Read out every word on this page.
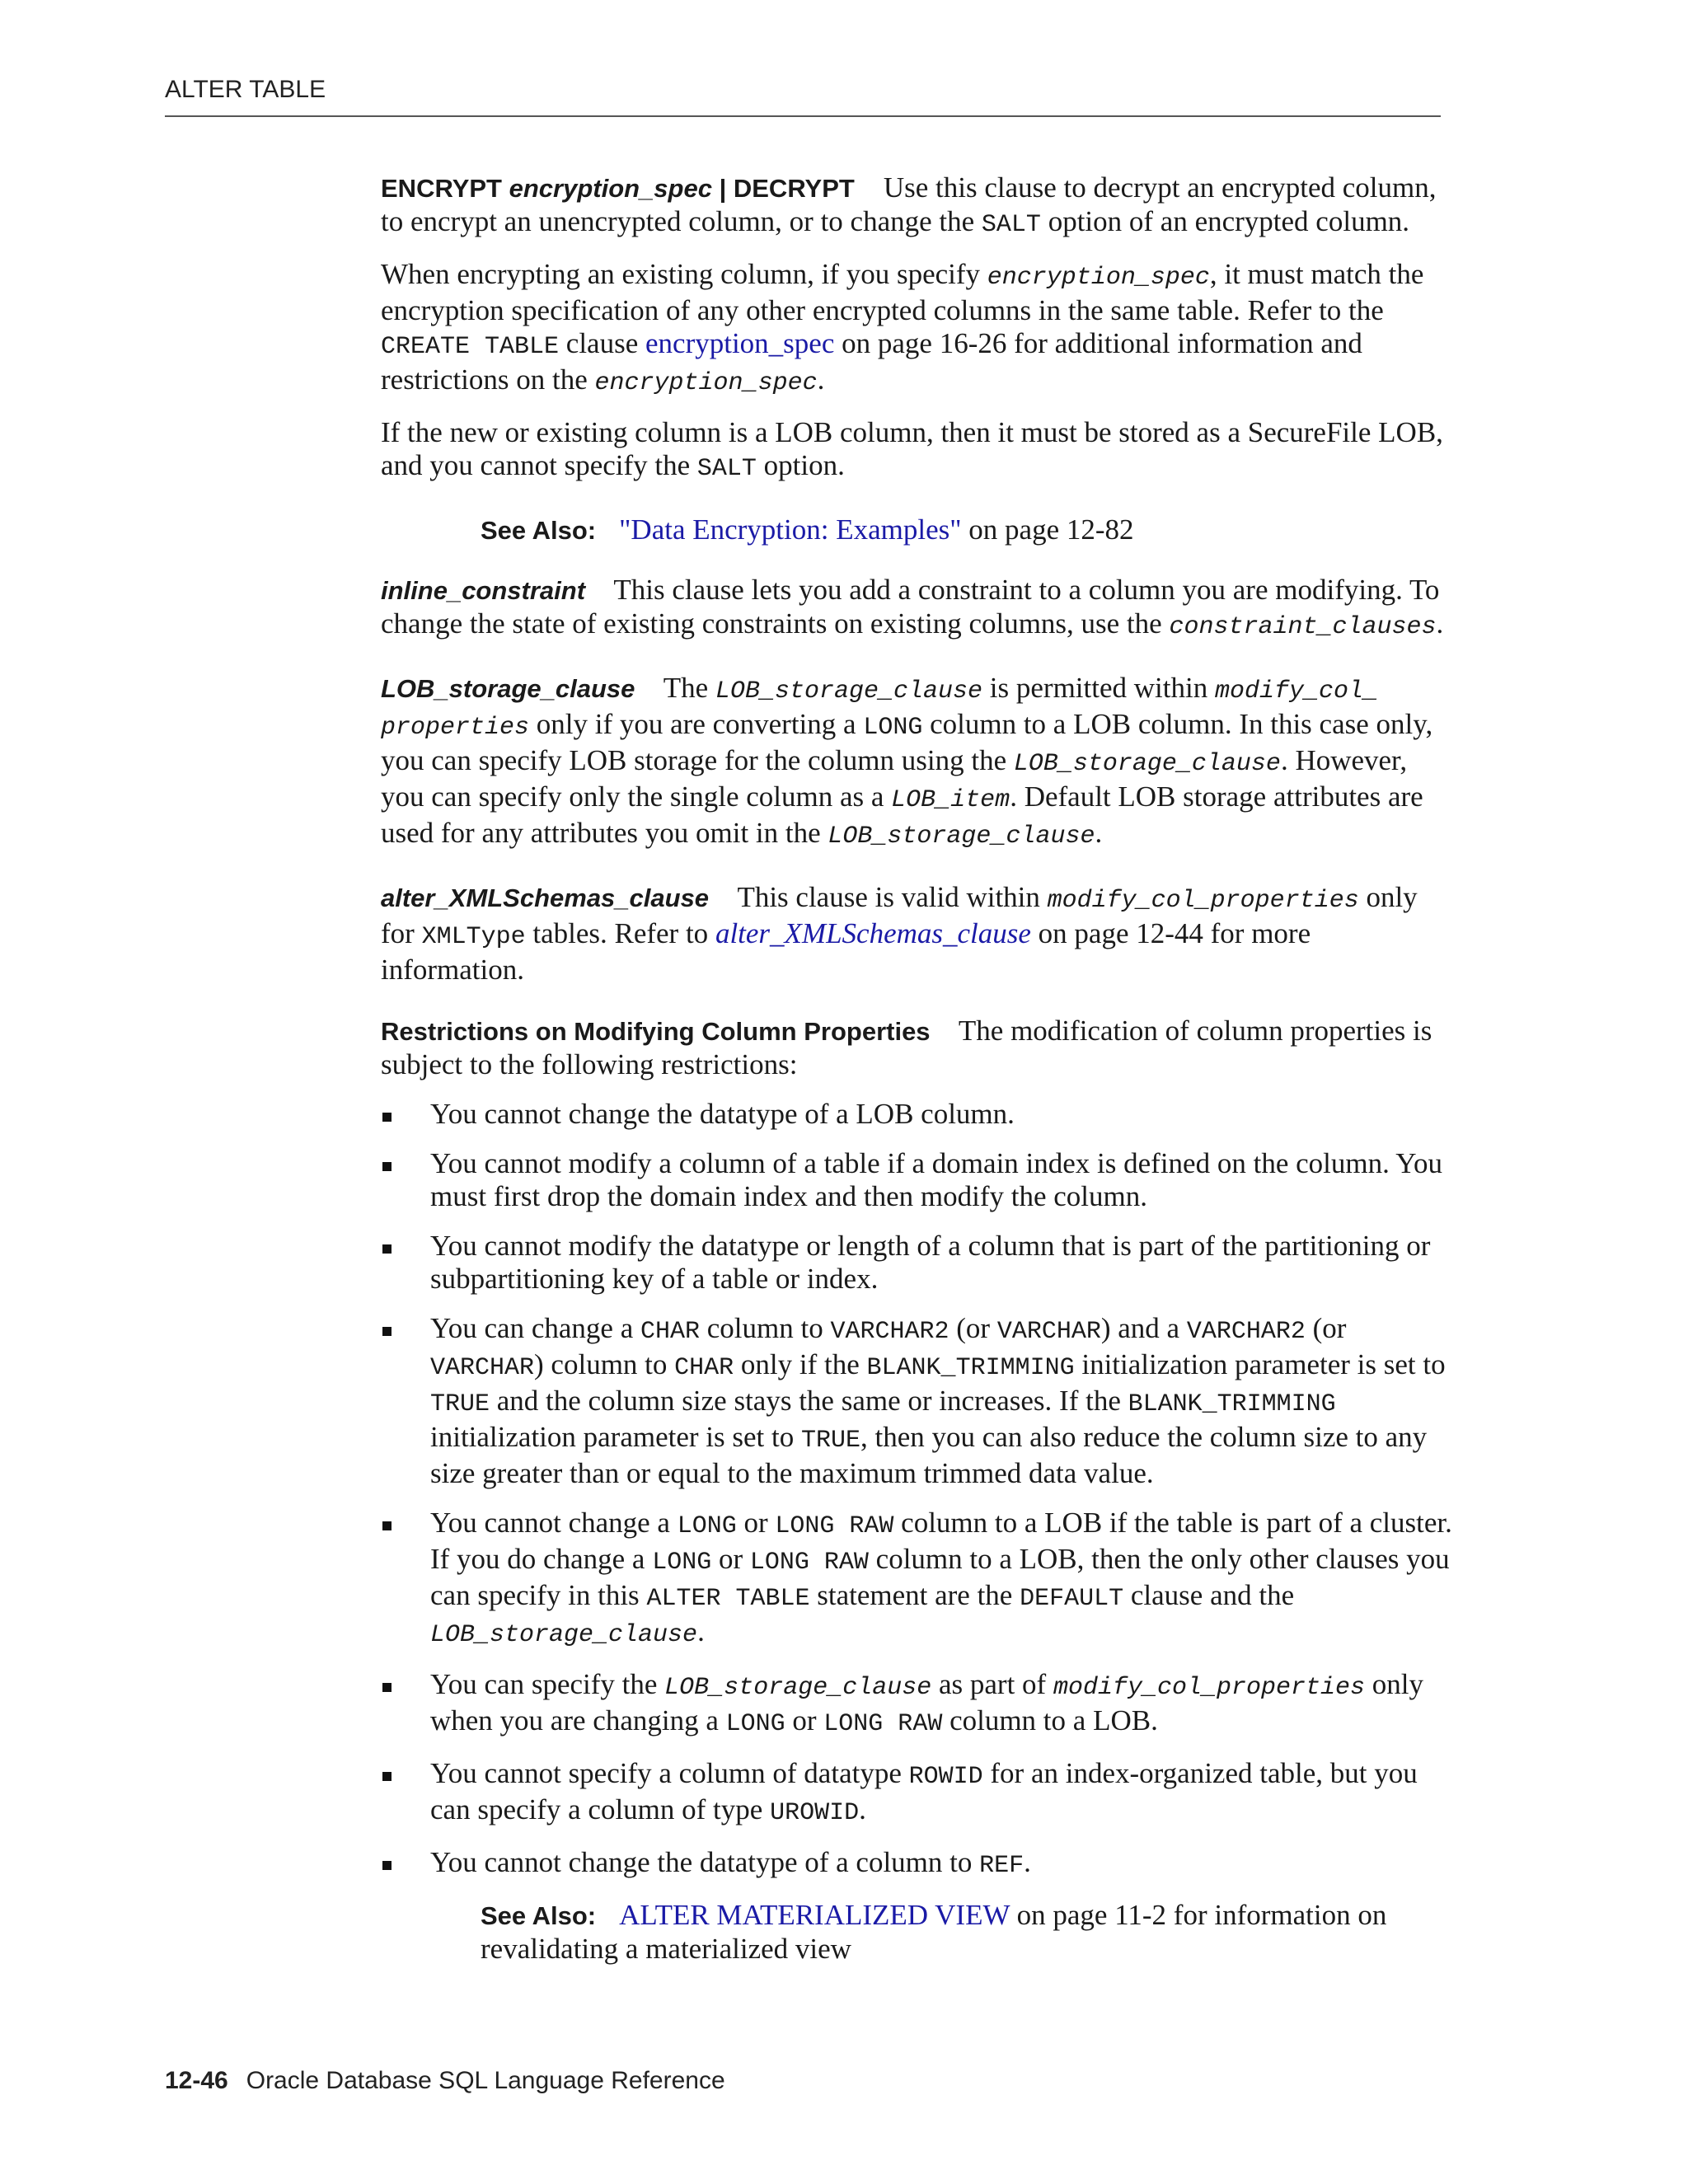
ALTER TABLE

ENCRYPT encryption_spec | DECRYPT Use this clause to decrypt an encrypted column, to encrypt an unencrypted column, or to change the SALT option of an encrypted column.

When encrypting an existing column, if you specify encryption_spec, it must match the encryption specification of any other encrypted columns in the same table. Refer to the CREATE TABLE clause encryption_spec on page 16-26 for additional information and restrictions on the encryption_spec.

If the new or existing column is a LOB column, then it must be stored as a SecureFile LOB, and you cannot specify the SALT option.

See Also: "Data Encryption: Examples" on page 12-82

inline_constraint This clause lets you add a constraint to a column you are modifying. To change the state of existing constraints on existing columns, use the constraint_clauses.

LOB_storage_clause The LOB_storage_clause is permitted within modify_col_ properties only if you are converting a LONG column to a LOB column. In this case only, you can specify LOB storage for the column using the LOB_storage_clause. However, you can specify only the single column as a LOB_item. Default LOB storage attributes are used for any attributes you omit in the LOB_storage_clause.

alter_XMLSchemas_clause This clause is valid within modify_col_properties only for XMLType tables. Refer to alter_XMLSchemas_clause on page 12-44 for more information.

Restrictions on Modifying Column Properties The modification of column properties is subject to the following restrictions:

You cannot change the datatype of a LOB column.
You cannot modify a column of a table if a domain index is defined on the column. You must first drop the domain index and then modify the column.
You cannot modify the datatype or length of a column that is part of the partitioning or subpartitioning key of a table or index.
You can change a CHAR column to VARCHAR2 (or VARCHAR) and a VARCHAR2 (or VARCHAR) column to CHAR only if the BLANK_TRIMMING initialization parameter is set to TRUE and the column size stays the same or increases. If the BLANK_TRIMMING initialization parameter is set to TRUE, then you can also reduce the column size to any size greater than or equal to the maximum trimmed data value.
You cannot change a LONG or LONG RAW column to a LOB if the table is part of a cluster. If you do change a LONG or LONG RAW column to a LOB, then the only other clauses you can specify in this ALTER TABLE statement are the DEFAULT clause and the LOB_storage_clause.
You can specify the LOB_storage_clause as part of modify_col_properties only when you are changing a LONG or LONG RAW column to a LOB.
You cannot specify a column of datatype ROWID for an index-organized table, but you can specify a column of type UROWID.
You cannot change the datatype of a column to REF.

See Also: ALTER MATERIALIZED VIEW on page 11-2 for information on revalidating a materialized view

12-46 Oracle Database SQL Language Reference
